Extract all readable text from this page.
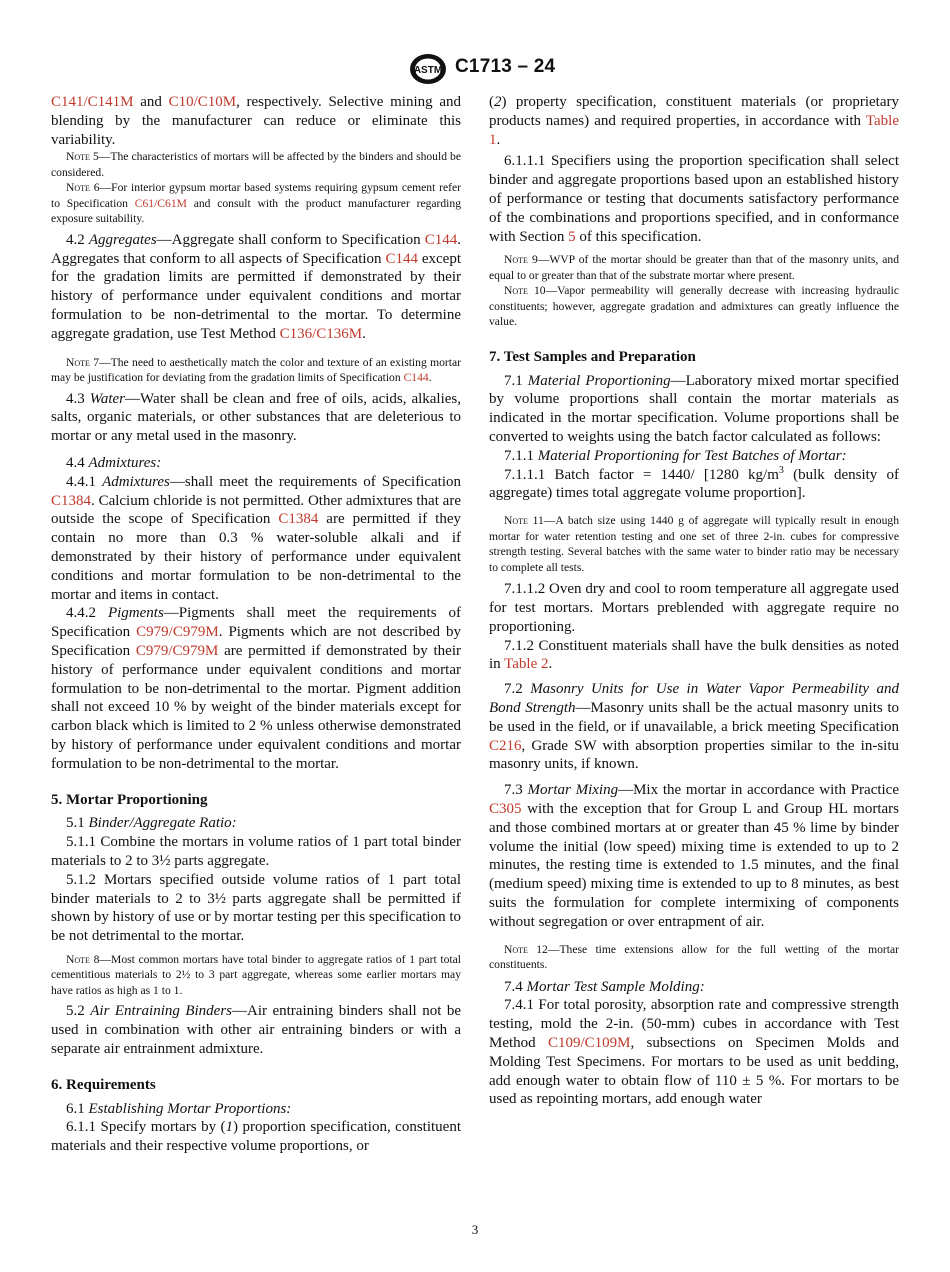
ASTM C1713 – 24

C141/C141M and C10/C10M, respectively. Selective mining and blending by the manufacturer can reduce or eliminate this variability.

Note 5—The characteristics of mortars will be affected by the binders and should be considered.

Note 6—For interior gypsum mortar based systems requiring gypsum cement refer to Specification C61/C61M and consult with the product manufacturer regarding exposure suitability.

4.2 Aggregates—Aggregate shall conform to Specification C144. Aggregates that conform to all aspects of Specification C144 except for the gradation limits are permitted if demonstrated by their history of performance under equivalent conditions and mortar formulation to be non-detrimental to the mortar. To determine aggregate gradation, use Test Method C136/C136M.

Note 7—The need to aesthetically match the color and texture of an existing mortar may be justification for deviating from the gradation limits of Specification C144.

4.3 Water—Water shall be clean and free of oils, acids, alkalies, salts, organic materials, or other substances that are deleterious to mortar or any metal used in the masonry.

4.4 Admixtures:

4.4.1 Admixtures—shall meet the requirements of Specification C1384. Calcium chloride is not permitted. Other admixtures that are outside the scope of Specification C1384 are permitted if they contain no more than 0.3 % water-soluble alkali and if demonstrated by their history of performance under equivalent conditions and mortar formulation to be non-detrimental to the mortar and items in contact.

4.4.2 Pigments—Pigments shall meet the requirements of Specification C979/C979M. Pigments which are not described by Specification C979/C979M are permitted if demonstrated by their history of performance under equivalent conditions and mortar formulation to be non-detrimental to the mortar. Pigment addition shall not exceed 10 % by weight of the binder materials except for carbon black which is limited to 2 % unless otherwise demonstrated by history of performance under equivalent conditions and mortar formulation to be non-detrimental to the mortar.

5. Mortar Proportioning

5.1 Binder/Aggregate Ratio:

5.1.1 Combine the mortars in volume ratios of 1 part total binder materials to 2 to 3½ parts aggregate.

5.1.2 Mortars specified outside volume ratios of 1 part total binder materials to 2 to 3½ parts aggregate shall be permitted if shown by history of use or by mortar testing per this specification to be not detrimental to the mortar.

Note 8—Most common mortars have total binder to aggregate ratios of 1 part total cementitious materials to 2½ to 3 part aggregate, whereas some earlier mortars may have ratios as high as 1 to 1.

5.2 Air Entraining Binders—Air entraining binders shall not be used in combination with other air entraining binders or with a separate air entrainment admixture.

6. Requirements

6.1 Establishing Mortar Proportions:

6.1.1 Specify mortars by (1) proportion specification, constituent materials and their respective volume proportions, or

(2) property specification, constituent materials (or proprietary products names) and required properties, in accordance with Table 1.

6.1.1.1 Specifiers using the proportion specification shall select binder and aggregate proportions based upon an established history of performance or testing that documents satisfactory performance of the combinations and proportions specified, and in conformance with Section 5 of this specification.

Note 9—WVP of the mortar should be greater than that of the masonry units, and equal to or greater than that of the substrate mortar where present.

Note 10—Vapor permeability will generally decrease with increasing hydraulic constituents; however, aggregate gradation and admixtures can greatly influence the value.

7. Test Samples and Preparation

7.1 Material Proportioning—Laboratory mixed mortar specified by volume proportions shall contain the mortar materials as indicated in the mortar specification. Volume proportions shall be converted to weights using the batch factor calculated as follows:

7.1.1 Material Proportioning for Test Batches of Mortar:

7.1.1.1 Batch factor = 1440/ [1280 $kg/m^3$ (bulk density of aggregate) times total aggregate volume proportion].

Note 11—A batch size using 1440 g of aggregate will typically result in enough mortar for water retention testing and one set of three 2-in. cubes for compressive strength testing. Several batches with the same water to binder ratio may be necessary to complete all tests.

7.1.1.2 Oven dry and cool to room temperature all aggregate used for test mortars. Mortars preblended with aggregate require no proportioning.

7.1.2 Constituent materials shall have the bulk densities as noted in Table 2.

7.2 Masonry Units for Use in Water Vapor Permeability and Bond Strength—Masonry units shall be the actual masonry units to be used in the field, or if unavailable, a brick meeting Specification C216, Grade SW with absorption properties similar to the in-situ masonry units, if known.

7.3 Mortar Mixing—Mix the mortar in accordance with Practice C305 with the exception that for Group L and Group HL mortars and those combined mortars at or greater than 45 % lime by binder volume the initial (low speed) mixing time is extended to up to 2 minutes, the resting time is extended to 1.5 minutes, and the final (medium speed) mixing time is extended to up to 8 minutes, as best suits the formulation for complete intermixing of components without segregation or over entrapment of air.

Note 12—These time extensions allow for the full wetting of the mortar constituents.

7.4 Mortar Test Sample Molding:

7.4.1 For total porosity, absorption rate and compressive strength testing, mold the 2-in. (50-mm) cubes in accordance with Test Method C109/C109M, subsections on Specimen Molds and Molding Test Specimens. For mortars to be used as unit bedding, add enough water to obtain flow of 110 ± 5 %. For mortars to be used as repointing mortars, add enough water

3
